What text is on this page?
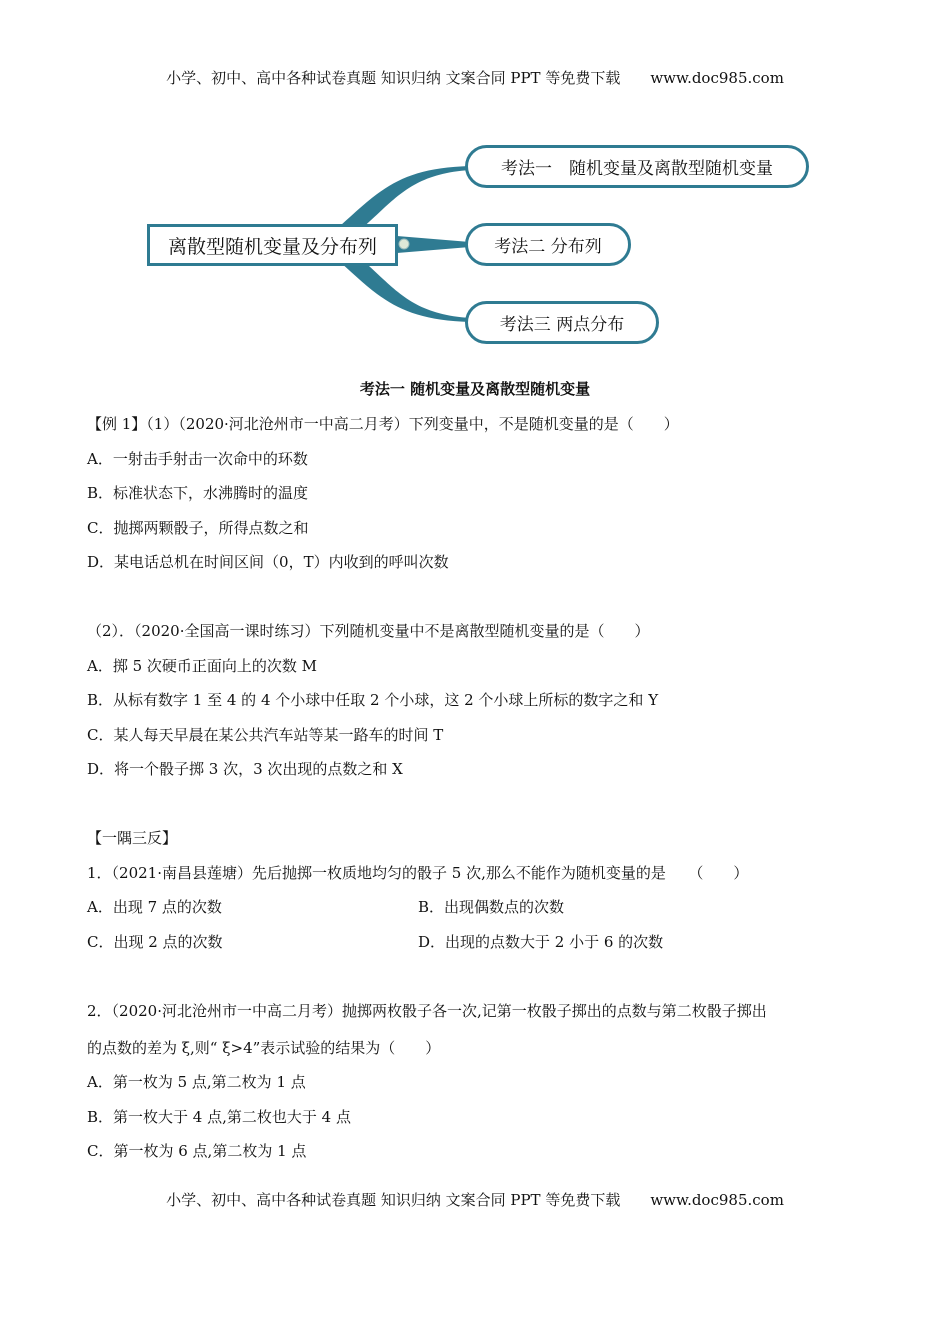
小学、初中、高中各种试卷真题 知识归纳 文案合同 PPT 等免费下载　　www.doc985.com
离散型随机变量及分布列
考法一　随机变量及离散型随机变量
考法二 分布列
考法三 两点分布
考法一 随机变量及离散型随机变量
【例 1】（1）（2020·河北沧州市一中高二月考）下列变量中，不是随机变量的是（　　）
A．一射击手射击一次命中的环数
B．标准状态下，水沸腾时的温度
C．抛掷两颗骰子，所得点数之和
D．某电话总机在时间区间（0，T）内收到的呼叫次数
（2）．（2020·全国高一课时练习）下列随机变量中不是离散型随机变量的是（　　）
A．掷 5 次硬币正面向上的次数 M
B．从标有数字 1 至 4 的 4 个小球中任取 2 个小球，这 2 个小球上所标的数字之和 Y
C．某人每天早晨在某公共汽车站等某一路车的时间 T
D．将一个骰子掷 3 次，3 次出现的点数之和 X
【一隅三反】
1．（2021·南昌县莲塘）先后抛掷一枚质地均匀的骰子 5 次,那么不能作为随机变量的是　　（　　）
A．出现 7 点的次数	B．出现偶数点的次数
C．出现 2 点的次数	D．出现的点数大于 2 小于 6 的次数
2．（2020·河北沧州市一中高二月考）抛掷两枚骰子各一次,记第一枚骰子掷出的点数与第二枚骰子掷出
的点数的差为 ξ,则“ ξ>4”表示试验的结果为（　　）
A．第一枚为 5 点,第二枚为 1 点
B．第一枚大于 4 点,第二枚也大于 4 点
C．第一枚为 6 点,第二枚为 1 点
小学、初中、高中各种试卷真题 知识归纳 文案合同 PPT 等免费下载　　www.doc985.com
